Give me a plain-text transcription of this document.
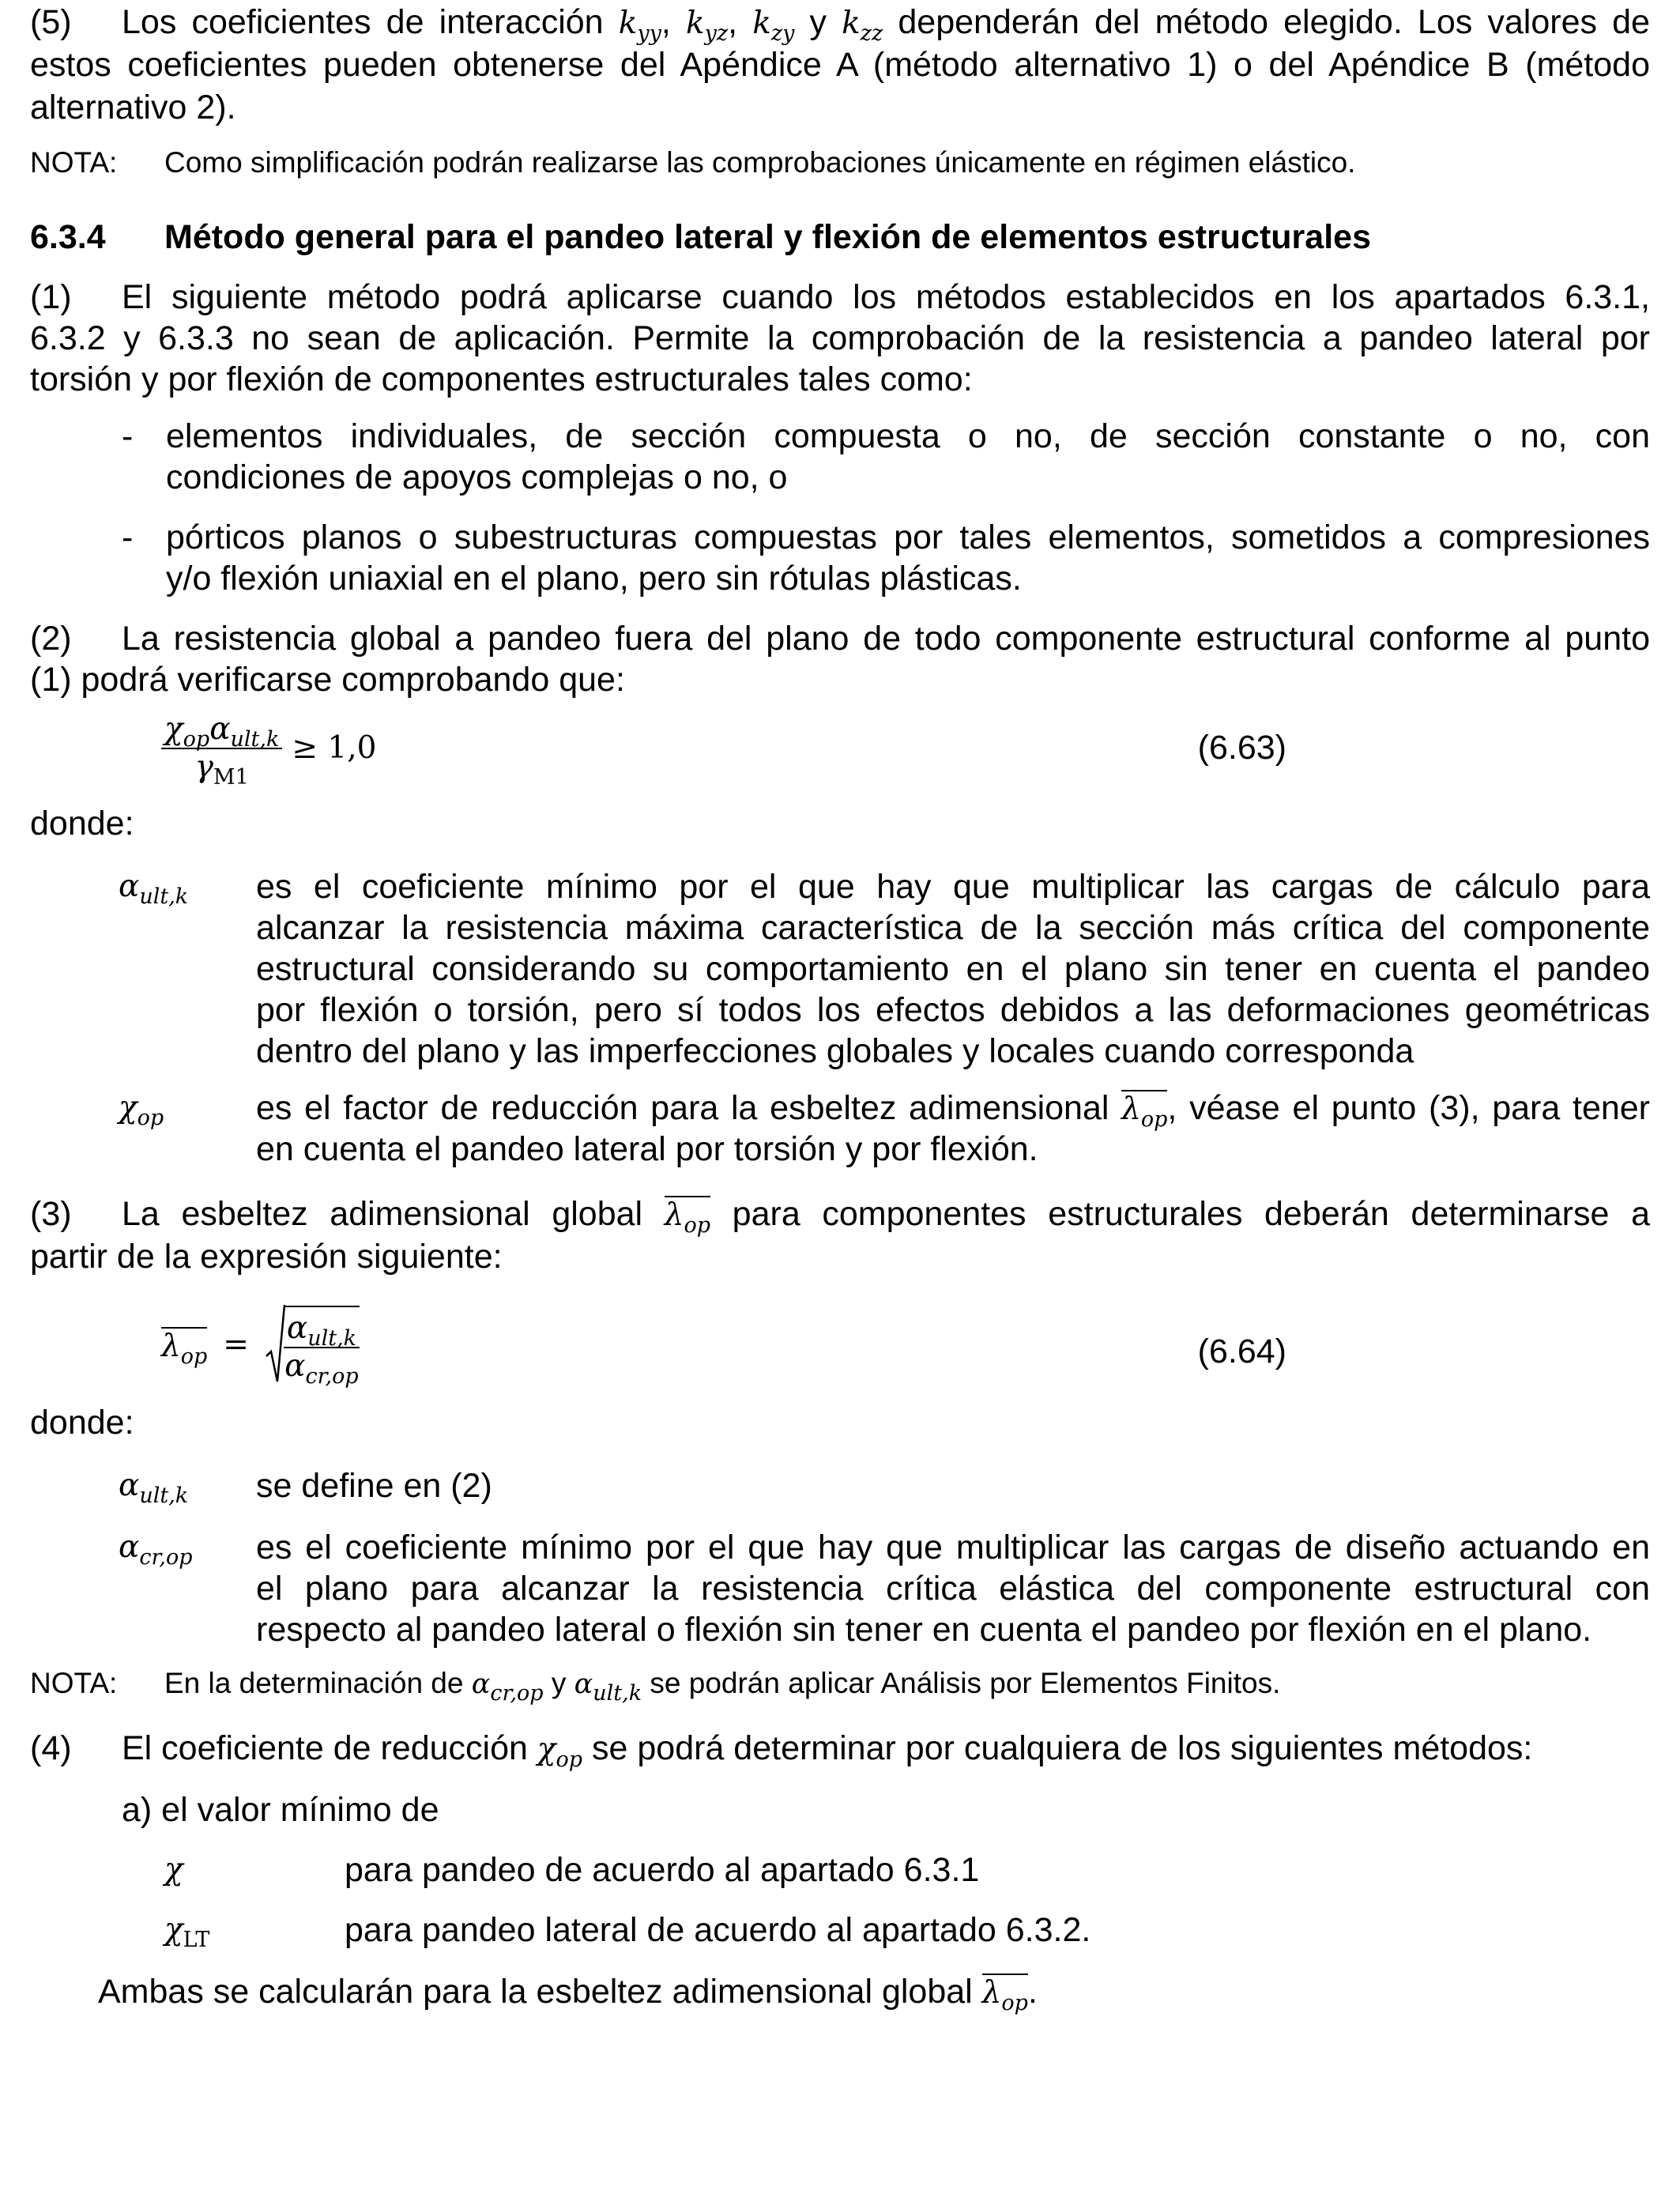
(5) Los coeficientes de interacción $k_{yy}$, $k_{yz}$, $k_{zy}$ y $k_{zz}$ dependerán del método elegido. Los valores de
estos coeficientes pueden obtenerse del Apéndice A (método alternativo 1) o del Apéndice B (método
alternativo 2).
NOTA: Como simplificación podrán realizarse las comprobaciones únicamente en régimen elástico.
6.3.4 Método general para el pandeo lateral y flexión de elementos estructurales
(1) El siguiente método podrá aplicarse cuando los métodos establecidos en los apartados 6.3.1,
6.3.2 y 6.3.3 no sean de aplicación. Permite la comprobación de la resistencia a pandeo lateral por
torsión y por flexión de componentes estructurales tales como:
- elementos individuales, de sección compuesta o no, de sección constante o no, con
condiciones de apoyos complejas o no, o
- pórticos planos o subestructuras compuestas por tales elementos, sometidos a compresiones
y/o flexión uniaxial en el plano, pero sin rótulas plásticas.
(2) La resistencia global a pandeo fuera del plano de todo componente estructural conforme al punto
(1) podrá verificarse comprobando que:
$\frac{\chi_{op}\alpha_{ult,k}}{\gamma_{M1}} \ge 1,0$	(6.63)
donde:
$\alpha_{ult,k}$ es el coeficiente mínimo por el que hay que multiplicar las cargas de cálculo para
alcanzar la resistencia máxima característica de la sección más crítica del componente
estructural considerando su comportamiento en el plano sin tener en cuenta el pandeo
por flexión o torsión, pero sí todos los efectos debidos a las deformaciones geométricas
dentro del plano y las imperfecciones globales y locales cuando corresponda
$\chi_{op}$	es el factor de reducción para la esbeltez adimensional $\lambda_{op}$, véase el punto (3), para tener
en cuenta el pandeo lateral por torsión y por flexión.
(3) La esbeltez adimensional global $\lambda_{op}$ para componentes estructurales deberán determinarse a
partir de la expresión siguiente:
$\lambda_{op} = \frac{\alpha_{ult,k}}{\alpha_{cr,op}}$	(6.64)
donde:
$\alpha_{ult,k}$ se define en (2)
$\alpha_{cr,op}$ es el coeficiente mínimo por el que hay que multiplicar las cargas de diseño actuando en
el plano para alcanzar la resistencia crítica elástica del componente estructural con
respecto al pandeo lateral o flexión sin tener en cuenta el pandeo por flexión en el plano.
NOTA: En la determinación de $\alpha_{cr,op}$ y $\alpha_{ult,k}$ se podrán aplicar Análisis por Elementos Finitos.
(4) El coeficiente de reducción $\chi_{op}$ se podrá determinar por cualquiera de los siguientes métodos:
a) el valor mínimo de
χ	para pandeo de acuerdo al apartado 6.3.1
$\chi_{LT}$	para pandeo lateral de acuerdo al apartado 6.3.2.
Ambas se calcularán para la esbeltez adimensional global $\lambda_{op}$.
